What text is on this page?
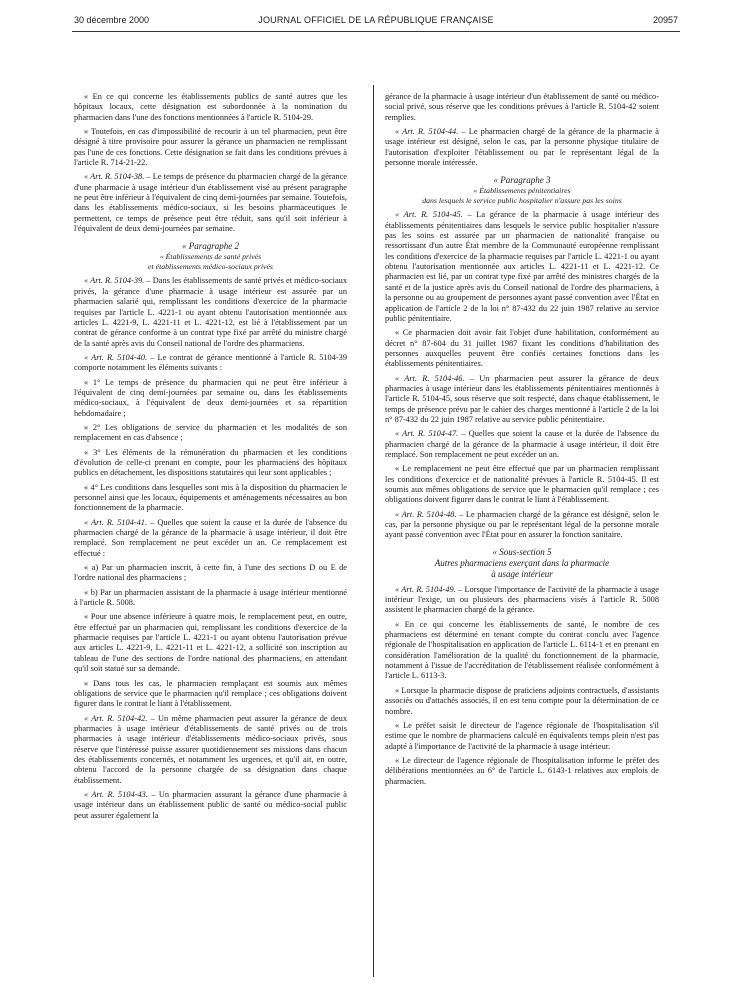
30 décembre 2000	JOURNAL OFFICIEL DE LA RÉPUBLIQUE FRANÇAISE	20957

« En ce qui concerne les établissements publics de santé autres que les hôpitaux locaux, cette désignation est subordonnée à la nomination du pharmacien dans l'une des fonctions mentionnées à l'article R. 5104-29.

« Toutefois, en cas d'impossibilité de recourir à un tel pharmacien, peut être désigné à titre provisoire pour assurer la gérance un pharmacien ne remplissant pas l'une de ces fonctions. Cette désignation se fait dans les conditions prévues à l'article R. 714-21-22.

« Art. R. 5104-38. – Le temps de présence du pharmacien chargé de la gérance d'une pharmacie à usage intérieur d'un établissement visé au présent paragraphe ne peut être inférieur à l'équivalent de cinq demi-journées par semaine. Toutefois, dans les établissements médico-sociaux, si les besoins pharmaceutiques le permettent, ce temps de présence peut être réduit, sans qu'il soit inférieur à l'équivalent de deux demi-journées par semaine.

« Paragraphe 2
« Établissements de santé privés
et établissements médico-sociaux privés

« Art. R. 5104-39. – Dans les établissements de santé privés et médico-sociaux privés, la gérance d'une pharmacie à usage intérieur est assurée par un pharmacien salarié qui, remplissant les conditions d'exercice de la pharmacie requises par l'article L. 4221-1 ou ayant obtenu l'autorisation mentionnée aux articles L. 4221-9, L. 4221-11 et L. 4221-12, est lié à l'établissement par un contrat de gérance conforme à un contrat type fixé par arrêté du ministre chargé de la santé après avis du Conseil national de l'ordre des pharmaciens.

« Art. R. 5104-40. – Le contrat de gérance mentionné à l'article R. 5104-39 comporte notamment les éléments suivants :

« 1° Le temps de présence du pharmacien qui ne peut être inférieur à l'équivalent de cinq demi-journées par semaine ou, dans les établissements médico-sociaux, à l'équivalent de deux demi-journées et sa répartition hebdomadaire ;

« 2° Les obligations de service du pharmacien et les modalités de son remplacement en cas d'absence ;

« 3° Les éléments de la rémunération du pharmacien et les conditions d'évolution de celle-ci prenant en compte, pour les pharmaciens des hôpitaux publics en détachement, les dispositions statutaires qui leur sont applicables ;

« 4° Les conditions dans lesquelles sont mis à la disposition du pharmacien le personnel ainsi que les locaux, équipements et aménagements nécessaires au bon fonctionnement de la pharmacie.

« Art. R. 5104-41. – Quelles que soient la cause et la durée de l'absence du pharmacien chargé de la gérance de la pharmacie à usage intérieur, il doit être remplacé. Son remplacement ne peut excéder un an. Ce remplacement est effectué :

« a) Par un pharmacien inscrit, à cette fin, à l'une des sections D ou E de l'ordre national des pharmaciens ;

« b) Par un pharmacien assistant de la pharmacie à usage intérieur mentionné à l'article R. 5008.

« Pour une absence inférieure à quatre mois, le remplacement peut, en outre, être effectué par un pharmacien qui, remplissant les conditions d'exercice de la pharmacie requises par l'article L. 4221-1 ou ayant obtenu l'autorisation prévue aux articles L. 4221-9, L. 4221-11 et L. 4221-12, a sollicité son inscription au tableau de l'une des sections de l'ordre national des pharmaciens, en attendant qu'il soit statué sur sa demande.

« Dans tous les cas, le pharmacien remplaçant est soumis aux mêmes obligations de service que le pharmacien qu'il remplace ; ces obligations doivent figurer dans le contrat le liant à l'établissement.

« Art. R. 5104-42. – Un même pharmacien peut assurer la gérance de deux pharmacies à usage intérieur d'établissements de santé privés ou de trois pharmacies à usage intérieur d'établissements médico-sociaux privés, sous réserve que l'intéressé puisse assurer quotidiennement ses missions dans chacun des établissements concernés, et notamment les urgences, et qu'il ait, en outre, obtenu l'accord de la personne chargée de sa désignation dans chaque établissement.

« Art. R. 5104-43. – Un pharmacien assurant la gérance d'une pharmacie à usage intérieur dans un établissement public de santé ou médico-social public peut assurer également la

gérance de la pharmacie à usage intérieur d'un établissement de santé ou médico-social privé, sous réserve que les conditions prévues à l'article R. 5104-42 soient remplies.

« Art. R. 5104-44. – Le pharmacien chargé de la gérance de la pharmacie à usage intérieur est désigné, selon le cas, par la personne physique titulaire de l'autorisation d'exploiter l'établissement ou par le représentant légal de la personne morale intéressée.

« Paragraphe 3
« Établissements pénitentiaires
dans lesquels le service public hospitalier n'assure pas les soins

« Art. R. 5104-45. – La gérance de la pharmacie à usage intérieur des établissements pénitentiaires dans lesquels le service public hospitalier n'assure pas les soins est assurée par un pharmacien de nationalité française ou ressortissant d'un autre État membre de la Communauté européenne remplissant les conditions d'exercice de la pharmacie requises par l'article L. 4221-1 ou ayant obtenu l'autorisation mentionnée aux articles L. 4221-11 et L. 4221-12. Ce pharmacien est lié, par un contrat type fixé par arrêté des ministres chargés de la santé et de la justice après avis du Conseil national de l'ordre des pharmaciens, à la personne ou au groupement de personnes ayant passé convention avec l'État en application de l'article 2 de la loi n° 87-432 du 22 juin 1987 relative au service public pénitentiaire.

« Ce pharmacien doit avoir fait l'objet d'une habilitation, conformément au décret n° 87-604 du 31 juillet 1987 fixant les conditions d'habilitation des personnes auxquelles peuvent être confiés certaines fonctions dans les établissements pénitentiaires.

« Art. R. 5104-46. – Un pharmacien peut assurer la gérance de deux pharmacies à usage intérieur dans les établissements pénitentiaires mentionnés à l'article R. 5104-45, sous réserve que soit respecté, dans chaque établissement, le temps de présence prévu par le cahier des charges mentionné à l'article 2 de la loi n° 87-432 du 22 juin 1987 relative au service public pénitentiaire.

« Art. R. 5104-47. – Quelles que soient la cause et la durée de l'absence du pharmacien chargé de la gérance de la pharmacie à usage intérieur, il doit être remplacé. Son remplacement ne peut excéder un an.

« Le remplacement ne peut être effectué que par un pharmacien remplissant les conditions d'exercice et de nationalité prévues à l'article R. 5104-45. Il est soumis aux mêmes obligations de service que le pharmacien qu'il remplace ; ces obligations doivent figurer dans le contrat le liant à l'établissement.

« Art. R. 5104-48. – Le pharmacien chargé de la gérance est désigné, selon le cas, par la personne physique ou par le représentant légal de la personne morale ayant passé convention avec l'État pour en assurer la fonction sanitaire.

« Sous-section 5
Autres pharmaciens exerçant dans la pharmacie
à usage intérieur

« Art. R. 5104-49. – Lorsque l'importance de l'activité de la pharmacie à usage intérieur l'exige, un ou plusieurs des pharmaciens visés à l'article R. 5008 assistent le pharmacien chargé de la gérance.

« En ce qui concerne les établissements de santé, le nombre de ces pharmaciens est déterminé en tenant compte du contrat conclu avec l'agence régionale de l'hospitalisation en application de l'article L. 6114-1 et en prenant en considération l'amélioration de la qualité du fonctionnement de la pharmacie, notamment à l'issue de l'accréditation de l'établissement réalisée conformément à l'article L. 6113-3.

« Lorsque la pharmacie dispose de praticiens adjoints contractuels, d'assistants associés ou d'attachés associés, il en est tenu compte pour la détermination de ce nombre.

« Le préfet saisit le directeur de l'agence régionale de l'hospitalisation s'il estime que le nombre de pharmaciens calculé en équivalents temps plein n'est pas adapté à l'importance de l'activité de la pharmacie à usage intérieur.

« Le directeur de l'agence régionale de l'hospitalisation informe le préfet des délibérations mentionnées au 6° de l'article L. 6143-1 relatives aux emplois de pharmacien.
